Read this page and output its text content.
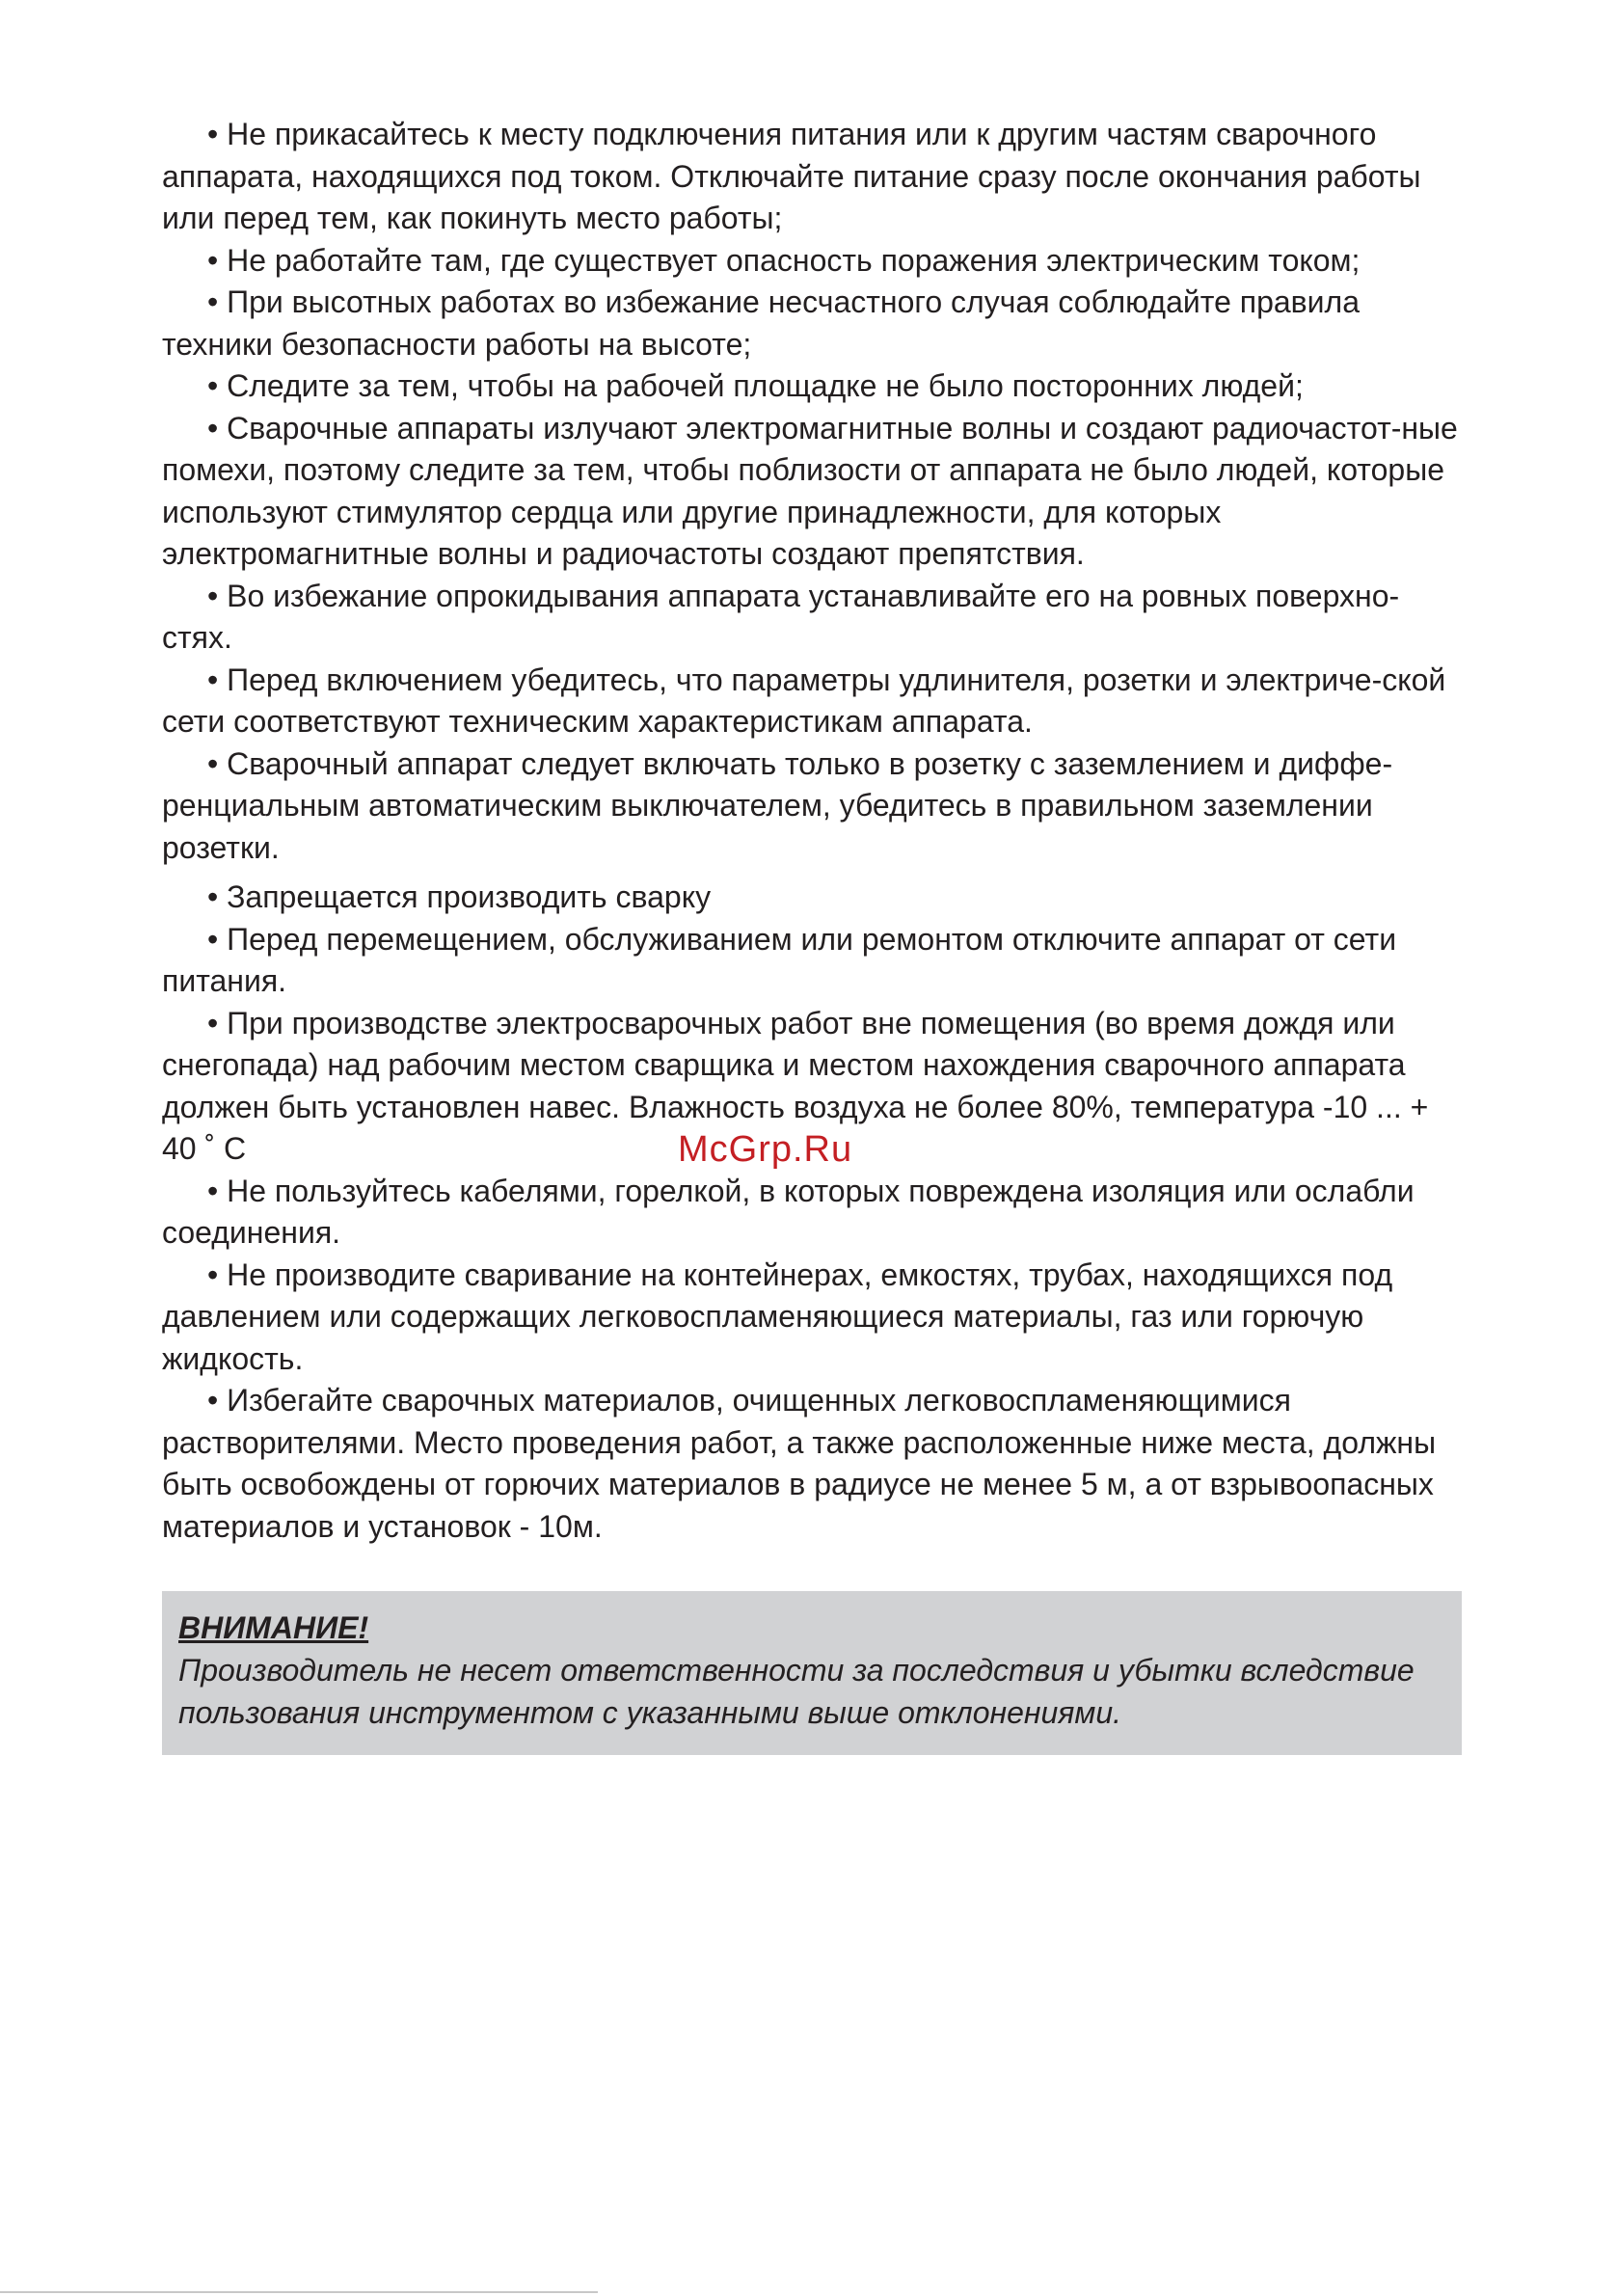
• Не прикасайтесь к месту подключения питания или к другим частям сварочного аппарата, находящихся под током. Отключайте питание сразу после окончания работы или перед тем, как покинуть место работы;

• Не работайте там, где существует опасность поражения электрическим током;

• При высотных работах во избежание несчастного случая соблюдайте правила техники безопасности работы на высоте;

• Следите за тем, чтобы на рабочей площадке не было посторонних людей;

• Сварочные аппараты излучают электромагнитные волны и создают радиочастот-ные помехи, поэтому следите за тем, чтобы поблизости от аппарата не было людей, которые используют стимулятор сердца или другие принадлежности, для которых электромагнитные волны и радиочастоты создают препятствия.

• Во избежание опрокидывания аппарата устанавливайте его на ровных поверхно-стях.

• Перед включением убедитесь, что параметры удлинителя, розетки и электриче-ской сети соответствуют техническим характеристикам аппарата.

• Сварочный аппарат следует включать только в розетку с заземлением и диффе-ренциальным автоматическим выключателем, убедитесь в правильном заземлении розетки.

• Запрещается производить сварку

• Перед перемещением, обслуживанием или ремонтом отключите аппарат от сети питания.

• При производстве электросварочных работ вне помещения (во время дождя или снегопада) над рабочим местом сварщика и местом нахождения сварочного аппарата должен быть установлен навес. Влажность воздуха не более 80%, температура -10 ... + 40 ˚ C

• Не пользуйтесь кабелями, горелкой, в которых повреждена изоляция или ослабли соединения.

• Не производите сваривание на контейнерах, емкостях, трубах, находящихся под давлением или содержащих легковоспламеняющиеся материалы, газ или горючую жидкость.

• Избегайте сварочных материалов, очищенных легковоспламеняющимися растворителями. Место проведения работ, а также расположенные ниже места, должны быть освобождены от горючих материалов в радиусе не менее 5 м, а от взрывоопасных материалов и установок - 10м.

McGrp.Ru

ВНИМАНИЕ!

Производитель не несет ответственности за последствия и убытки вследствие пользования инструментом с указанными выше отклонениями.
